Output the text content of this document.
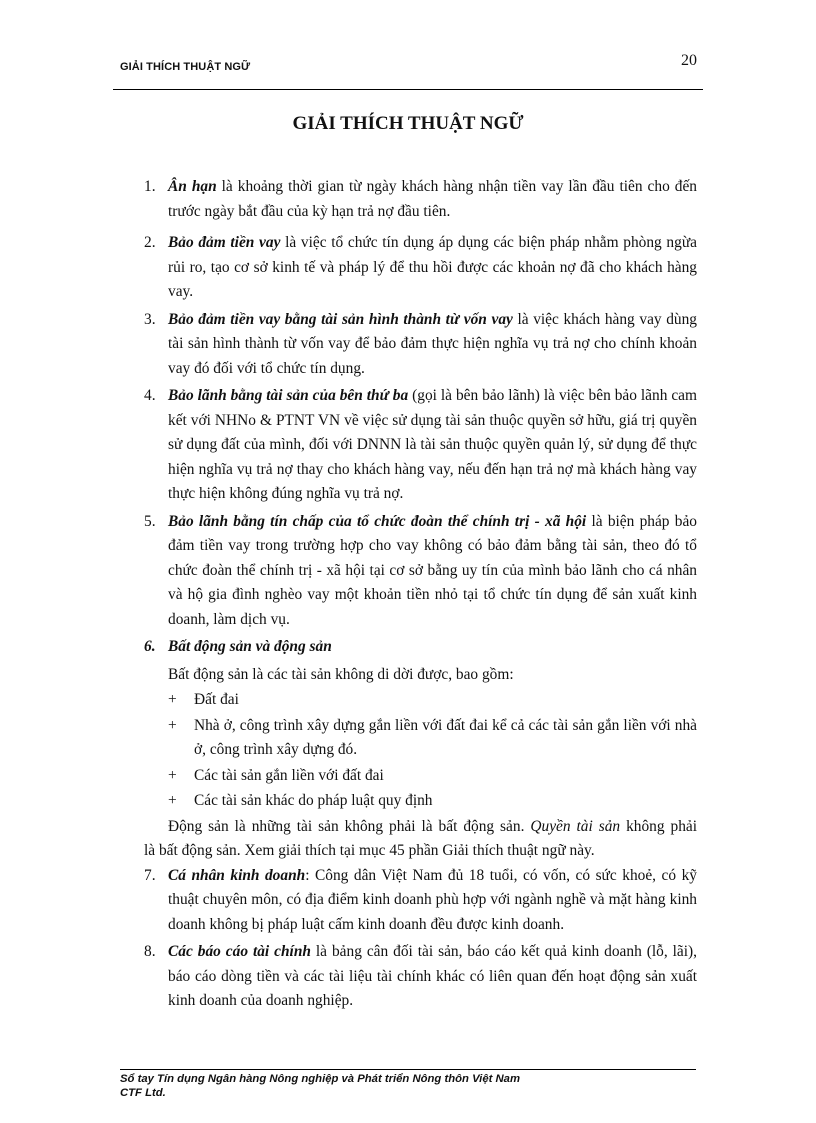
GIẢI THÍCH THUẬT NGỮ	20
GIẢI THÍCH THUẬT NGỮ
1. Ân hạn là khoảng thời gian từ ngày khách hàng nhận tiền vay lần đầu tiên cho đến trước ngày bắt đầu của kỳ hạn trả nợ đầu tiên.
2. Bảo đảm tiền vay là việc tổ chức tín dụng áp dụng các biện pháp nhằm phòng ngừa rủi ro, tạo cơ sở kinh tế và pháp lý để thu hồi được các khoản nợ đã cho khách hàng vay.
3. Bảo đảm tiền vay bằng tài sản hình thành từ vốn vay là việc khách hàng vay dùng tài sản hình thành từ vốn vay để bảo đảm thực hiện nghĩa vụ trả nợ cho chính khoản vay đó đối với tổ chức tín dụng.
4. Bảo lãnh bằng tài sản của bên thứ ba (gọi là bên bảo lãnh) là việc bên bảo lãnh cam kết với NHNo & PTNT VN về việc sử dụng tài sản thuộc quyền sở hữu, giá trị quyền sử dụng đất của mình, đối với DNNN là tài sản thuộc quyền quản lý, sử dụng để thực hiện nghĩa vụ trả nợ thay cho khách hàng vay, nếu đến hạn trả nợ mà khách hàng vay thực hiện không đúng nghĩa vụ trả nợ.
5. Bảo lãnh bằng tín chấp của tổ chức đoàn thể chính trị - xã hội là biện pháp bảo đảm tiền vay trong trường hợp cho vay không có bảo đảm bằng tài sản, theo đó tổ chức đoàn thể chính trị - xã hội tại cơ sở bằng uy tín của mình bảo lãnh cho cá nhân và hộ gia đình nghèo vay một khoản tiền nhỏ tại tổ chức tín dụng để sản xuất kinh doanh, làm dịch vụ.
6. Bất động sản và động sản
Bất động sản là các tài sản không di dời được, bao gồm:
+ Đất đai
+ Nhà ở, công trình xây dựng gắn liền với đất đai kể cả các tài sản gắn liền với nhà ở, công trình xây dựng đó.
+ Các tài sản gắn liền với đất đai
+ Các tài sản khác do pháp luật quy định
Động sản là những tài sản không phải là bất động sản. Quyền tài sản không phải        là bất động sản. Xem giải thích tại mục 45 phần Giải thích thuật ngữ này.
7. Cá nhân kinh doanh: Công dân Việt Nam đủ 18 tuổi, có vốn, có sức khoẻ, có kỹ thuật chuyên môn, có địa điểm kinh doanh phù hợp với ngành nghề và mặt hàng kinh doanh không bị pháp luật cấm kinh doanh đều được kinh doanh.
8. Các báo cáo tài chính là bảng cân đối tài sản, báo cáo kết quả kinh doanh (lỗ, lãi), báo cáo dòng tiền và các tài liệu tài chính khác có liên quan đến hoạt động sản xuất kinh doanh của doanh nghiệp.
Sổ tay Tín dụng Ngân hàng Nông nghiệp và Phát triển Nông thôn Việt Nam
CTF Ltd.
